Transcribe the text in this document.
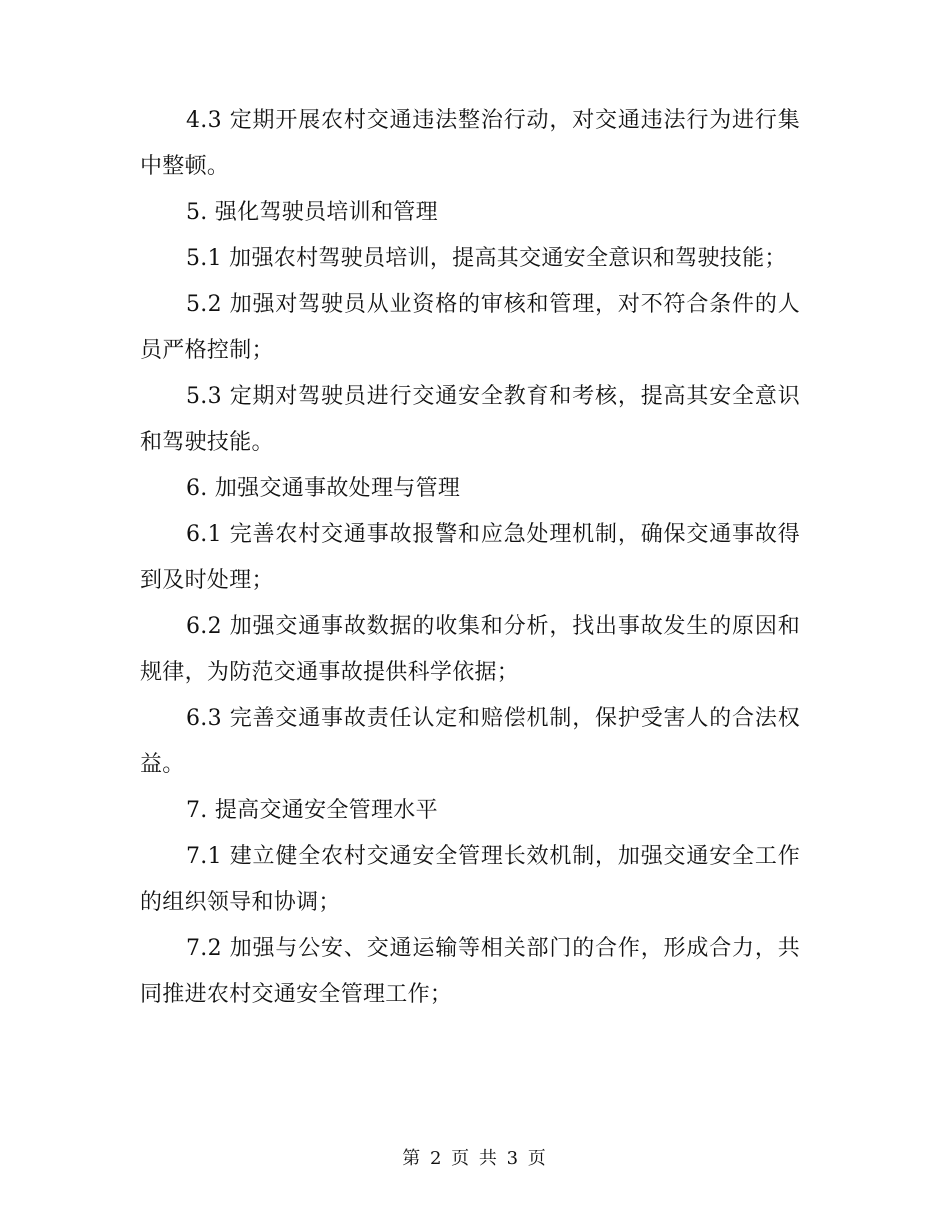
4.3 定期开展农村交通违法整治行动，对交通违法行为进行集中整顿。

5. 强化驾驶员培训和管理

5.1 加强农村驾驶员培训，提高其交通安全意识和驾驶技能；

5.2 加强对驾驶员从业资格的审核和管理，对不符合条件的人员严格控制；

5.3 定期对驾驶员进行交通安全教育和考核，提高其安全意识和驾驶技能。

6. 加强交通事故处理与管理

6.1 完善农村交通事故报警和应急处理机制，确保交通事故得到及时处理；

6.2 加强交通事故数据的收集和分析，找出事故发生的原因和规律，为防范交通事故提供科学依据；

6.3 完善交通事故责任认定和赔偿机制，保护受害人的合法权益。

7. 提高交通安全管理水平

7.1 建立健全农村交通安全管理长效机制，加强交通安全工作的组织领导和协调；

7.2 加强与公安、交通运输等相关部门的合作，形成合力，共同推进农村交通安全管理工作；

第 2 页 共 3 页
